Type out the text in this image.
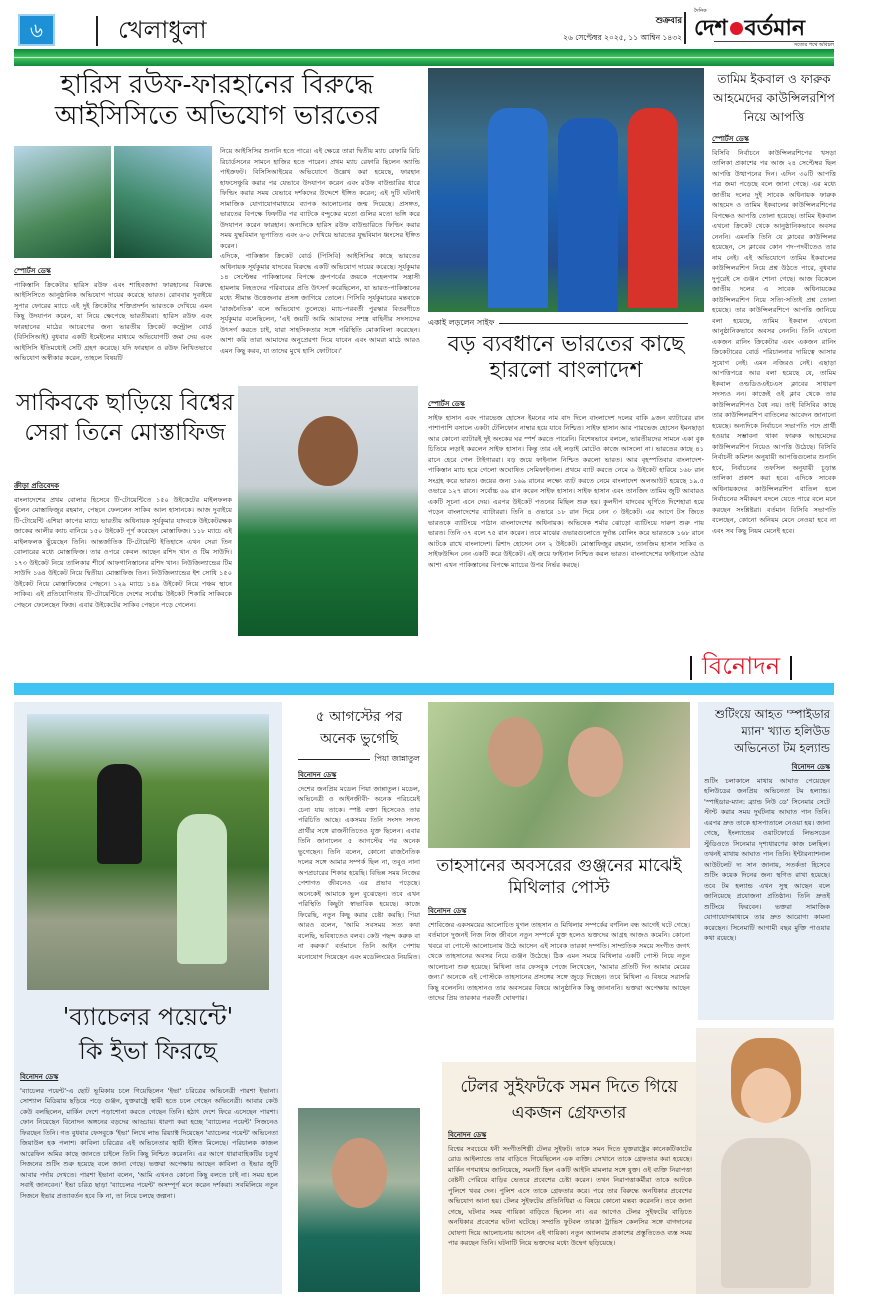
৬	খেলাধুলা	শুক্রবার
২৬ সেপ্টেম্বর ২০২৫, ১১ আশ্বিন ১৪৩২
দৈনিক
দেশ বর্তমান
সত্যের পথে অবিচল
হারিস রউফ-ফারহানের বিরুদ্ধে আইসিসিতে অভিযোগ ভারতের
স্পোর্টস ডেস্ক
পাকিস্তানি ক্রিকেটার হারিস রউফ এবং শাহিবজাদা ফারহানের বিরুদ্ধে আইসিসিতে আনুষ্ঠানিক অভিযোগ দায়ের করেছে ভারত। রোববার দুবাইয়ে সুপার ফোরের ম্যাচে এই দুই ক্রিকেটার শক্তিপ্রদর্শন ভারতকে দেখিয়ে এমন কিছু উদযাপন করেন, যা নিয়ে ক্ষেপেছে ভারতীয়রা। হারিস রউফ এবং ফারহানের মাঠের আচরণের জন্য ভারতীয় ক্রিকেট কন্ট্রোল বোর্ড (বিসিসিআই) বুধবার একটি ইমেইলের মাধ্যমে অভিযোগটি জমা দেয় এবং আইসিসি ইতিমধ্যেই সেটি গ্রহণ করেছে। যদি ফারহান ও রউফ লিখিতভাবে অভিযোগ অস্বীকার করেন, তাহলে বিষয়টি

নিয়ে আইসিসির শুনানি হতে পারে। এই ক্ষেত্রে তারা দ্বিতীয় ম্যাচ রেফারি রিচি রিচার্ডসনের সামনে হাজির হতে পারেন। প্রথম ম্যাচ রেফারি ছিলেন অ্যান্ডি পাইক্রফট। বিসিসিআইয়ের অভিযোগে উল্লেখ করা হয়েছে, ফারহান হাফসেঞ্চুরি করার পর যেভাবে উদযাপন করেন এবং রউফ বাউন্ডারির ধারে ফিল্ডিং করার সময় যেভাবে দর্শকদের উদ্দেশে ইঙ্গিত করেন; এই দুটি ঘটনাই সামাজিক যোগাযোগমাধ্যমে ব্যাপক আলোচনার জন্ম দিয়েছে। প্রসঙ্গত, ভারতের বিপক্ষে ফিফটির পর ব্যাটকে বন্দুকের মতো গুলির মতো ভঙ্গি করে উদযাপন করেন ফারহান। অন্যদিকে হারিস রউফ বাউন্ডারিতে ফিল্ডিং করার সময় যুদ্ধবিমান ভূপাতিত এবং ৬-০ দেখিয়ে ভারতের যুদ্ধবিমান ধ্বংসের ইঙ্গিত করেন।

এদিকে, পাকিস্তান ক্রিকেট বোর্ড (পিসিবি) আইসিসির কাছে ভারতের অধিনায়ক সূর্যকুমার যাদবের বিরুদ্ধে একটি অভিযোগ দায়ের করেছে। সূর্যকুমার ১৪ সেপ্টেম্বর পাকিস্তানের বিপক্ষে গ্রুপপর্বের জয়কে পহেলগাম সন্ত্রাসী হামলায় নিহতদের পরিবারের প্রতি উৎসর্গ করেছিলেন, যা ভারত-পাকিস্তানের মধ্যে সীমান্ত উত্তেজনার প্রসঙ্গ জাগিয়ে তোলে। পিসিবি সূর্যকুমারের মন্তব্যকে 'রাজনৈতিক' বলে অভিযোগ তুলেছে। ম্যাচ-পরবর্তী পুরস্কার বিতরণীতে সূর্যকুমার বলেছিলেন, 'এই জয়টি আমি আমাদের সশস্ত্র বাহিনীর সদস্যদের উৎসর্গ করতে চাই, যারা সাহসিকতার সঙ্গে পরিস্থিতি মোকাবিলা করেছেন। আশা করি তারা আমাদের অনুপ্রেরণা দিয়ে যাবেন এবং আমরা মাঠে আরও এমন কিছু করব, যা তাদের মুখে হাসি ফোটাবে।'

একাই লড়লেন সাইফ
বড় ব্যবধানে ভারতের কাছে হারলো বাংলাদেশ
স্পোর্টস ডেস্ক
সাইফ হাসান এবং পারভেজ হোসেন ইমনের নাম বাদ দিলে বাংলাদেশ দলের বাকি ৯জন ব্যাটারের রান পাশাপাশি বসালে একটা টেলিফোন নাম্বার হয়ে যাবে নিশ্চিত। সাইফ হাসান আর পারভেজ হোসেন ইমনছাড়া আর কোনো ব্যাটারই দুই অংকের ঘর স্পর্শ করতে পারেনি। বিশেষভাবে বললে, ভারতীয়দের সামনে একা বুক চিতিয়ে লড়াই করলেন সাইফ হাসান। কিন্তু তার এই লড়াই মোটেও কাজে আসলো না। ভারতের কাছে ৪১ রানে হেরে গেল টাইগাররা। বড় জয়ে ফাইনাল নিশ্চিত করলো ভারত। আর বৃহস্পতিবার বাংলাদেশ-পাকিস্তান ম্যাচ হয়ে গেলো অঘোষিত সেমিফাইনাল। প্রথমে ব্যাট করতে নেমে ৬ উইকেট হারিয়ে ১৬৮ রান সংগ্রহ করে ভারত। জয়ের জন্য ১৬৯ রানের লক্ষ্যে ব্যাট করতে নেমে বাংলাদেশ অলআউট হয়েছে ১৯.৫ ওভারে ১২৭ রানে। সর্বোচ্চ ৬৯ রান করেন সাইফ হাসান। সাইফ হাসান এবং তানজিদ তামিম জুটি আবারও একটি সূচনা এনে দেয়। এরপর উইকেট পতনের মিছিল শুরু হয়। কুলদীপ যাদবের ঘূর্ণিতে দিশেহারা হয়ে পড়েন বাংলাদেশের ব্যাটাররা। তিনি ৪ ওভারে ১৮ রান দিয়ে নেন ৩ উইকেট। এর আগে টস জিতে ভারতকে ব্যাটিংয়ে পাঠান বাংলাদেশের অধিনায়ক। অভিষেক শর্মার ঝোড়ো ব্যাটিংয়ে দারুণ শুরু পায় ভারত। তিনি ৩৭ বলে ৭৫ রান করেন। তবে মাঝের ওভারগুলোতে দুর্দান্ত বোলিং করে ভারতকে ১৬৮ রানে আটকে রাখে বাংলাদেশ। রিশাদ হোসেন নেন ২ উইকেট। মোস্তাফিজুর রহমান, তানজিম হাসান সাকিব ও সাইফউদ্দিন নেন একটি করে উইকেট। এই জয়ে ফাইনাল নিশ্চিত করল ভারত। বাংলাদেশের ফাইনালে ওঠার আশা এখন পাকিস্তানের বিপক্ষে ম্যাচের উপর নির্ভর করছে।
তামিম ইকবাল ও ফারুক আহমেদের কাউন্সিলরশিপ নিয়ে আপত্তি
স্পোর্টস ডেস্ক
বিসিবি নির্বাচনে কাউন্সিলরশিপের খসড়া তালিকা প্রকাশের পর আজ ২৪ সেপ্টেম্বর ছিল আপত্তি উত্থাপনের দিন। এদিন ৩০টি আপত্তি পত্র জমা পড়েছে বলে জানা গেছে। এর মধ্যে জাতীয় দলের দুই সাবেক অধিনায়ক ফারুক আহমেদ ও তামিম ইকবালের কাউন্সিলরশিপের বিপক্ষেও আপত্তি তোলা হয়েছে। তামিম ইকবাল এখনো ক্রিকেট থেকে আনুষ্ঠানিকভাবে অবসর নেননি। এমনকি তিনি যে ক্লাবের কাউন্সিলর হয়েছেন, সে ক্লাবের কোন পদ-পদবীতেও তার নাম নেই। এই অভিযোগে তামিম ইকবালের কাউন্সিলরশিপ নিয়ে প্রশ্ন উঠতে পারে, বুধবার দুপুরেই সে গুঞ্জন শোনা গেছে। আজ বিকেলে জাতীয় দলের এ সাবেক অধিনায়কের কাউন্সিলরশিপ নিয়ে সত্যি-সত্যিই প্রশ্ন তোলা হয়েছে। তার কাউন্সিলরশিপে আপত্তি জানিয়ে বলা হয়েছে, তামিম ইকবাল এখনো আনুষ্ঠানিকভাবে অবসর নেননি। তিনি এখনো একজন রানিং ক্রিকেটার এবং একজন রানিং ক্রিকেটারের বোর্ড পরিচালনার দায়িত্বে আসার সুযোগ নেই। এমন নজিরও নেই। এছাড়া আপত্তিপত্রে আর বলা হয়েছে যে, তামিম ইকবাল ওল্ডডিওএইচএস ক্লাবের সাধারণ সদস্যও নন। কাজেই ওই ক্লাব থেকে তার কাউন্সিলরশিপও বৈধ নয়। তাই বিসিবির কাছে তার কাউন্সিলরশিপ বাতিলের আবেদন জানানো হয়েছে। অন্যদিকে নির্বাচনে সভাপতি পদে প্রার্থী হওয়ার সম্ভাবনা থাকা ফারুক আহমেদের কাউন্সিলরশিপ নিয়েও আপত্তি উঠেছে। বিসিবি নির্বাচনী কমিশন অনুযায়ী আপত্তিগুলোর শুনানি হবে, নির্বাচনের তফসিল অনুযায়ী চূড়ান্ত তালিকা প্রকাশ করা হবে। এদিকে সাবেক অধিনায়কদের কাউন্সিলরশিপ বাতিল হলে নির্বাচনের সমীকরণ বদলে যেতে পারে বলে মনে করছেন সংশ্লিষ্টরা। বর্তমান বিসিবি সভাপতি বলেছেন, কোনো অনিয়ম মেনে নেওয়া হবে না এবং সব কিছু নিয়ম মেনেই হবে।
সাকিবকে ছাড়িয়ে বিশ্বের সেরা তিনে মোস্তাফিজ
ক্রীড়া প্রতিবেদক
বাংলাদেশের প্রথম বোলার হিসেবে টি-টোয়েন্টিতে ১৫০ উইকেটের মাইলফলক ছুঁলেন মোস্তাফিজুর রহমান, পেছনে ফেললেন সাকিব আল হাসানকে। আজ দুবাইয়ে টি-টোয়েন্টি এশিয়া কাপের ম্যাচে ভারতীয় অধিনায়ক সূর্যকুমার যাদবকে উইকেটরক্ষক জাকের আলীর ক্যাচ বানিয়ে ১৫০ উইকেট পূর্ণ করেছেন মোস্তাফিজ। ১১৮ ম্যাচে এই মাইলফলক ছুঁয়েছেন তিনি। আন্তর্জাতিক টি-টোয়েন্টি ইতিহাসে এখন সেরা তিন বোলারের মধ্যে মোস্তাফিজ। তার ওপরে কেবল আছেন রশিদ খান ও টিম সাউদি। ১৭৩ উইকেট নিয়ে তালিকার শীর্ষে আফগানিস্তানের রশিদ খান। নিউজিল্যান্ডের টিম সাউদি ১৬৪ উইকেট নিয়ে দ্বিতীয়। মোস্তাফিজ তিন। নিউজিল্যান্ডের ইশ সোধি ১৫০ উইকেট নিয়ে মোস্তাফিজের পেছনে। ১২৯ ম্যাচে ১৪৯ উইকেট নিয়ে পঞ্চম স্থানে সাকিব। এই প্রতিযোগিতায় টি-টোয়েন্টিতে দেশের সর্বোচ্চ উইকেট শিকারি সাকিবকে পেছনে ফেলেছেন ফিজ। এবার উইকেটের সাকিব পেছনে পড়ে গেলেন।
বিনোদন
'ব্যাচেলর পয়েন্টে'
কি ইভা ফিরছে
বিনোদন ডেস্ক
'ব্যাচেলর পয়েন্ট'-এ ছোট ভূমিকায় চলে গিয়েছিলেন 'ইভা' চরিত্রের অভিনেত্রী পারশা ইভানা। সোশ্যাল মিডিয়ায় ছড়িয়ে পড়ে গুঞ্জন, যুক্তরাষ্ট্রে স্থায়ী হতে চলে গেছেন অভিনেত্রী। আবার কেউ কেউ বলছিলেন, মার্কিন দেশে পড়াশোনা করতে গেছেন তিনি। হঠাৎ দেশে ফিরে এসেছেন পারশা। ফোন নিয়েছেন বিনোদন অঙ্গনের বড়দের আড্ডায়। ধারণা করা হচ্ছে 'ব্যাচেলর পয়েন্ট' সিজনেও ফিরছেন তিনি। গত বুধবার ফেসবুকে 'ইভা' লিখে লাভ রিয়্যাক্ট দিয়েছেন 'ব্যাচেলর পয়েন্ট' অভিনেতা জিয়াউল হক পলাশ। কাবিলা চরিত্রের এই অভিনেতার স্থায়ী ইঙ্গিত মিলেছে। পরিচালক কাজল আরেফিন অমির কাছে জানতে চাইলে তিনি কিছু নিশ্চিত করেননি। এর আগে ধারাবাহিকটির চতুর্থ সিজনের শুটিং শুরু হয়েছে বলে জানা গেছে। ভক্তরা অপেক্ষায় আছেন কাবিলা ও ইভার জুটি আবার পর্দায় দেখতে। পারশা ইভানা বলেন, 'আমি এখনও কোনো কিছু বলতে চাই না। সময় হলে সবাই জানবেন।' ইভা চরিত্র ছাড়া 'ব্যাচেলর পয়েন্ট' অসম্পূর্ণ মনে করেন দর্শকরা। সবমিলিয়ে নতুন সিজনে ইভার প্রত্যাবর্তন হবে কি না, তা নিয়ে চলছে জল্পনা।
৫ আগস্টের পর অনেক ভুগেছি
পিয়া জান্নাতুল
বিনোদন ডেস্ক
দেশের জনপ্রিয় মডেল পিয়া জান্নাতুল। মডেল, অভিনেত্রী ও আইনজীবী- অনেক পরিচয়েই চেনা যায় তাকে। স্পষ্ট বক্তা হিসেবেও তার পরিচিতি আছে। একসময় তিনি সংসদ সদস্য প্রার্থীর সঙ্গে রাজনীতিতেও যুক্ত ছিলেন। এবার তিনি জানালেন ৫ আগস্টের পর অনেক ভুগেছেন। তিনি বলেন, কোনো রাজনৈতিক দলের সঙ্গে আমার সম্পর্ক ছিল না, তবুও নানা অপপ্রচারের শিকার হয়েছি। বিভিন্ন সময় নিজের পেশাগত জীবনেও এর প্রভাব পড়েছে। অনেকেই আমাকে ভুল বুঝেছেন। তবে এখন পরিস্থিতি কিছুটা স্বাভাবিক হয়েছে। কাজে ফিরেছি, নতুন কিছু করার চেষ্টা করছি। পিয়া আরও বলেন, 'আমি সবসময় সত্য কথা বলেছি, ভবিষ্যতেও বলব। কেউ পছন্দ করুক বা না করুক।' বর্তমানে তিনি আইন পেশায় মনোযোগ দিয়েছেন এবং মডেলিংয়েও নিয়মিত।
তাহসানের অবসরের গুঞ্জনের মাঝেই মিথিলার পোস্ট
বিনোদন ডেস্ক
শোবিজের একসময়ের আলোচিত যুগল তাহসান ও মিথিলার সম্পর্কের বর্ণনিল বন্ধ আগেই ঘটে গেছে। বর্তমানে দুজনই নিজ নিজ জীবনে নতুন সম্পর্কে যুক্ত হলেও ভক্তদের আগ্রহ আজও কমেনি। কোনো খবরে বা পোস্টে আলোচনায় উঠে আসেন এই সাবেক তারকা দম্পতি। সাম্প্রতিক সময়ে সংগীত জগৎ থেকে তাহসানের অবসর নিয়ে গুঞ্জন উঠেছে। ঠিক এমন সময়ে মিথিলার একটি পোস্ট নিয়ে নতুন আলোচনা শুরু হয়েছে। মিথিলা তার ফেসবুক পেজে লিখেছেন, 'আমার প্রতিটি দিন আমার মেয়ের জন্য।' অনেকে এই পোস্টকে তাহসানের প্রসঙ্গের সঙ্গে জুড়ে দিচ্ছেন। তবে মিথিলা এ বিষয়ে সরাসরি কিছু বলেননি। তাহসানও তার অবসরের বিষয়ে আনুষ্ঠানিক কিছু জানাননি। ভক্তরা অপেক্ষায় আছেন তাদের প্রিয় তারকার পরবর্তী ঘোষণার।
শুটিংয়ে আহত 'স্পাইডার ম্যান' খ্যাত হলিউড অভিনেতা টম হল্যান্ড
বিনোদন ডেস্ক
শুটিং চলাকালে মাথায় আঘাত পেয়েছেন হলিউডের জনপ্রিয় অভিনেতা টম হল্যান্ড। 'স্পাইডার-ম্যান: ব্র্যান্ড নিউ ডে' সিনেমার সেটে স্টান্ট করার সময় দুর্ঘটনায় আঘাত পান তিনি। এরপর দ্রুত তাকে হাসপাতালে নেওয়া হয়। জানা গেছে, ইংল্যান্ডের ওয়াটফোর্ডে লিভসডেন স্টুডিওতে সিনেমার দৃশ্যধারণের কাজ চলছিল। তখনই মাথায় আঘাত পান তিনি। ইন্টারন্যাশনাল আউটলেট দ্য সান জানায়, সতর্কতা হিসেবে শুটিং কয়েক দিনের জন্য স্থগিত রাখা হয়েছে। তবে টম হল্যান্ড এখন সুস্থ আছেন বলে জানিয়েছে প্রযোজনা প্রতিষ্ঠান। তিনি দ্রুতই শুটিংয়ে ফিরবেন। ভক্তরা সামাজিক যোগাযোগমাধ্যমে তার দ্রুত আরোগ্য কামনা করেছেন। সিনেমাটি আগামী বছর মুক্তি পাওয়ার কথা রয়েছে।
টেলর সুইফটকে সমন দিতে গিয়ে একজন গ্রেফতার
বিনোদন ডেস্ক
বিশ্বের সবচেয়ে ধনী সংগীতশিল্পী টেলর সুইফট। তাকে সমন দিতে যুক্তরাষ্ট্রের কানেকটিকাটের রোড আইল্যান্ডে তার বাড়িতে গিয়েছিলেন এক ব্যক্তি। সেখানে তাকে গ্রেফতার করা হয়েছে। মার্কিন গণমাধ্যম জানিয়েছে, সমনটি ছিল একটি আইনি মামলার সঙ্গে যুক্ত। ওই ব্যক্তি নিরাপত্তা বেষ্টনী পেরিয়ে বাড়ির ভেতরে প্রবেশের চেষ্টা করেন। তখন নিরাপত্তাকর্মীরা তাকে আটকে পুলিশে খবর দেন। পুলিশ এসে তাকে গ্রেফতার করে। পরে তার বিরুদ্ধে অনধিকার প্রবেশের অভিযোগ আনা হয়। টেলর সুইফটের প্রতিনিধিরা এ বিষয়ে কোনো মন্তব্য করেননি। তবে জানা গেছে, ঘটনার সময় গায়িকা বাড়িতে ছিলেন না। এর আগেও টেলর সুইফটের বাড়িতে অনধিকার প্রবেশের ঘটনা ঘটেছে। সম্প্রতি ফুটবল তারকা ট্রাভিস কেলসির সঙ্গে বাগদানের ঘোষণা দিয়ে আলোচনায় আসেন এই গায়িকা। নতুন অ্যালবাম প্রকাশের প্রস্তুতিতেও ব্যস্ত সময় পার করছেন তিনি। ঘটনাটি নিয়ে ভক্তদের মধ্যে উদ্বেগ ছড়িয়েছে।
